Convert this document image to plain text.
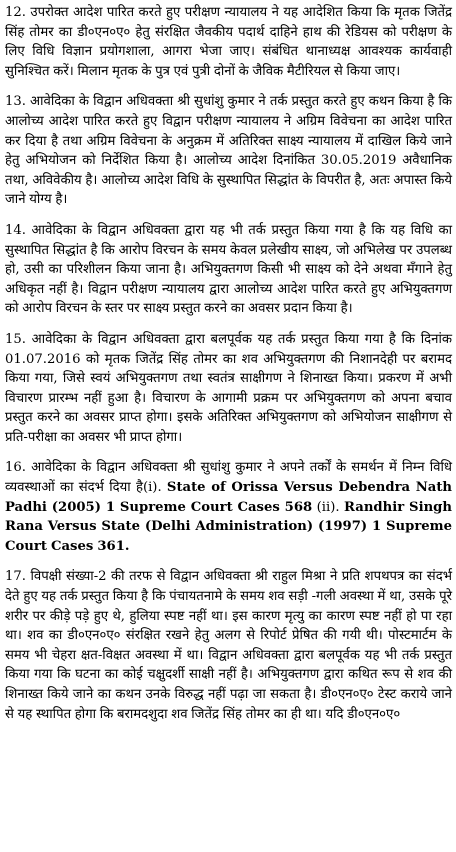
12. उपरोक्त आदेश पारित करते हुए परीक्षण न्यायालय ने यह आदेशित किया कि मृतक जितेंद्र सिंह तोमर का डी०एन०ए० हेतु संरक्षित जैवकीय पदार्थ दाहिने हाथ की रेडियस को परीक्षण के लिए विधि विज्ञान प्रयोगशाला, आगरा भेजा जाए। संबंधित थानाध्यक्ष आवश्यक कार्यवाही सुनिश्चित करें। मिलान मृतक के पुत्र एवं पुत्री दोनों के जैविक मैटीरियल से किया जाए।

13. आवेदिका के विद्वान अधिवक्ता श्री सुधांशु कुमार ने तर्क प्रस्तुत करते हुए कथन किया है कि आलोच्य आदेश पारित करते हुए विद्वान परीक्षण न्यायालय ने अग्रिम विवेचना का आदेश पारित कर दिया है तथा अग्रिम विवेचना के अनुक्रम में अतिरिक्त साक्ष्य न्यायालय में दाखिल किये जाने हेतु अभियोजन को निर्देशित किया है। आलोच्य आदेश दिनांकित 30.05.2019 अवैधानिक तथा, अविवेकीय है। आलोच्य आदेश विधि के सुस्थापित सिद्धांत के विपरीत है, अतः अपास्त किये जाने योग्य है।

14. आवेदिका के विद्वान अधिवक्ता द्वारा यह भी तर्क प्रस्तुत किया गया है कि यह विधि का सुस्थापित सिद्धांत है कि आरोप विरचन के समय केवल प्रलेखीय साक्ष्य, जो अभिलेख पर उपलब्ध हो, उसी का परिशीलन किया जाना है। अभियुक्तगण किसी भी साक्ष्य को देने अथवा मँगाने हेतु अधिकृत नहीं है। विद्वान परीक्षण न्यायालय द्वारा आलोच्य आदेश पारित करते हुए अभियुक्तगण को आरोप विरचन के स्तर पर साक्ष्य प्रस्तुत करने का अवसर प्रदान किया है।

15. आवेदिका के विद्वान अधिवक्ता द्वारा बलपूर्वक यह तर्क प्रस्तुत किया गया है कि दिनांक 01.07.2016 को मृतक जितेंद्र सिंह तोमर का शव अभियुक्तगण की निशानदेही पर बरामद किया गया, जिसे स्वयं अभियुक्तगण तथा स्वतंत्र साक्षीगण ने शिनाख्त किया। प्रकरण में अभी विचारण प्रारम्भ नहीं हुआ है। विचारण के आगामी प्रक्रम पर अभियुक्तगण को अपना बचाव प्रस्तुत करने का अवसर प्राप्त होगा। इसके अतिरिक्त अभियुक्तगण को अभियोजन साक्षीगण से प्रति-परीक्षा का अवसर भी प्राप्त होगा।

16. आवेदिका के विद्वान अधिवक्ता श्री सुधांशु कुमार ने अपने तर्कों के समर्थन में निम्न विधि व्यवस्थाओं का संदर्भ दिया है(i). State of Orissa Versus Debendra Nath Padhi (2005) 1 Supreme Court Cases 568 (ii). Randhir Singh Rana Versus State (Delhi Administration) (1997) 1 Supreme Court Cases 361.

17. विपक्षी संख्या-2 की तरफ से विद्वान अधिवक्ता श्री राहुल मिश्रा ने प्रति शपथपत्र का संदर्भ देते हुए यह तर्क प्रस्तुत किया है कि पंचायतनामे के समय शव सड़ी -गली अवस्था में था, उसके पूरे शरीर पर कीड़े पड़े हुए थे, हुलिया स्पष्ट नहीं था। इस कारण मृत्यु का कारण स्पष्ट नहीं हो पा रहा था। शव का डी०एन०ए० संरक्षित रखने हेतु अलग से रिपोर्ट प्रेषित की गयी थी। पोस्टमार्टम के समय भी चेहरा क्षत-विक्षत अवस्था में था। विद्वान अधिवक्ता द्वारा बलपूर्वक यह भी तर्क प्रस्तुत किया गया कि घटना का कोई चक्षुदर्शी साक्षी नहीं है। अभियुक्तगण द्वारा कथित रूप से शव की शिनाख्त किये जाने का कथन उनके विरुद्ध नहीं पढ़ा जा सकता है। डी०एन०ए० टेस्ट कराये जाने से यह स्थापित होगा कि बरामदशुदा शव जितेंद्र सिंह तोमर का ही था। यदि डी०एन०ए०
